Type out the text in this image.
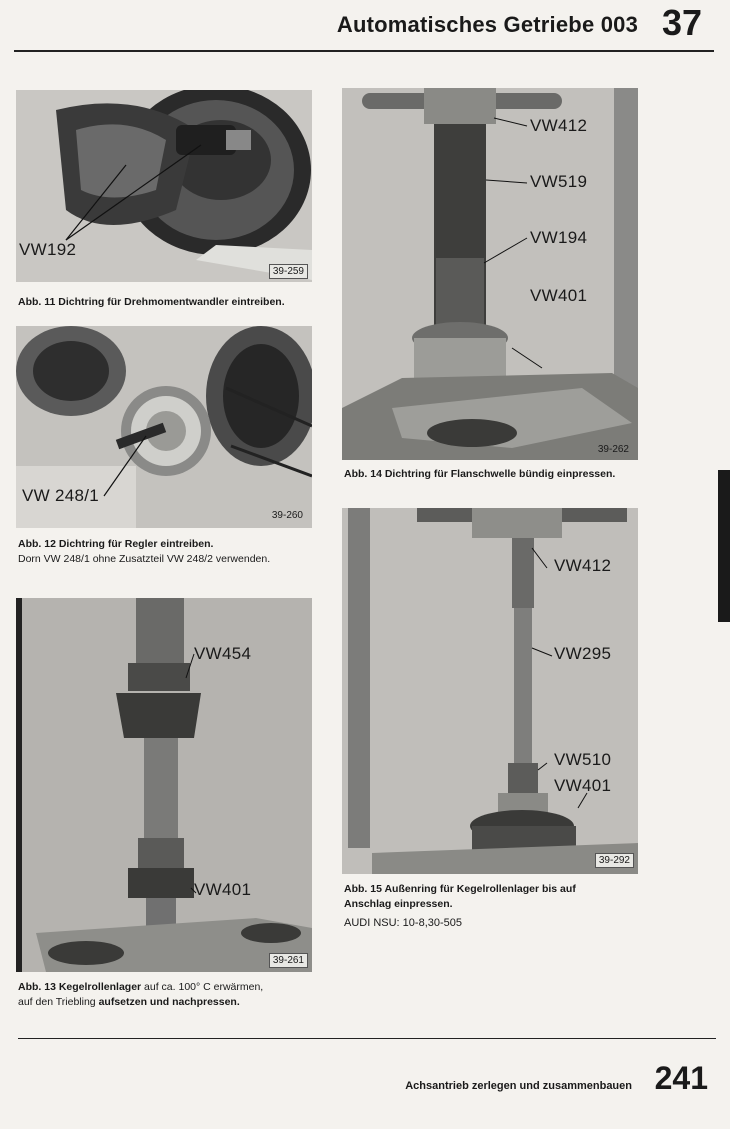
Automatisches Getriebe 003 37
VW192
39-259
Abb. 11 Dichtring für Drehmomentwandler eintreiben.
VW 248/1
39-260
Abb. 12 Dichtring für Regler eintreiben.
Dorn VW 248/1 ohne Zusatzteil VW 248/2 verwenden.
VW454
VW401
39-261
Abb. 13 Kegelrollenlager auf ca. 100° C erwärmen,
auf den Triebling aufsetzen und nachpressen.
VW412
VW519
VW194
VW401
39-262
Abb. 14 Dichtring für Flanschwelle bündig einpressen.
VW412
VW295
VW510
VW401
39-292
Abb. 15 Außenring für Kegelrollenlager bis auf Anschlag einpressen.
AUDI NSU: 10-8,30-505
Achsantrieb zerlegen und zusammenbauen 241
